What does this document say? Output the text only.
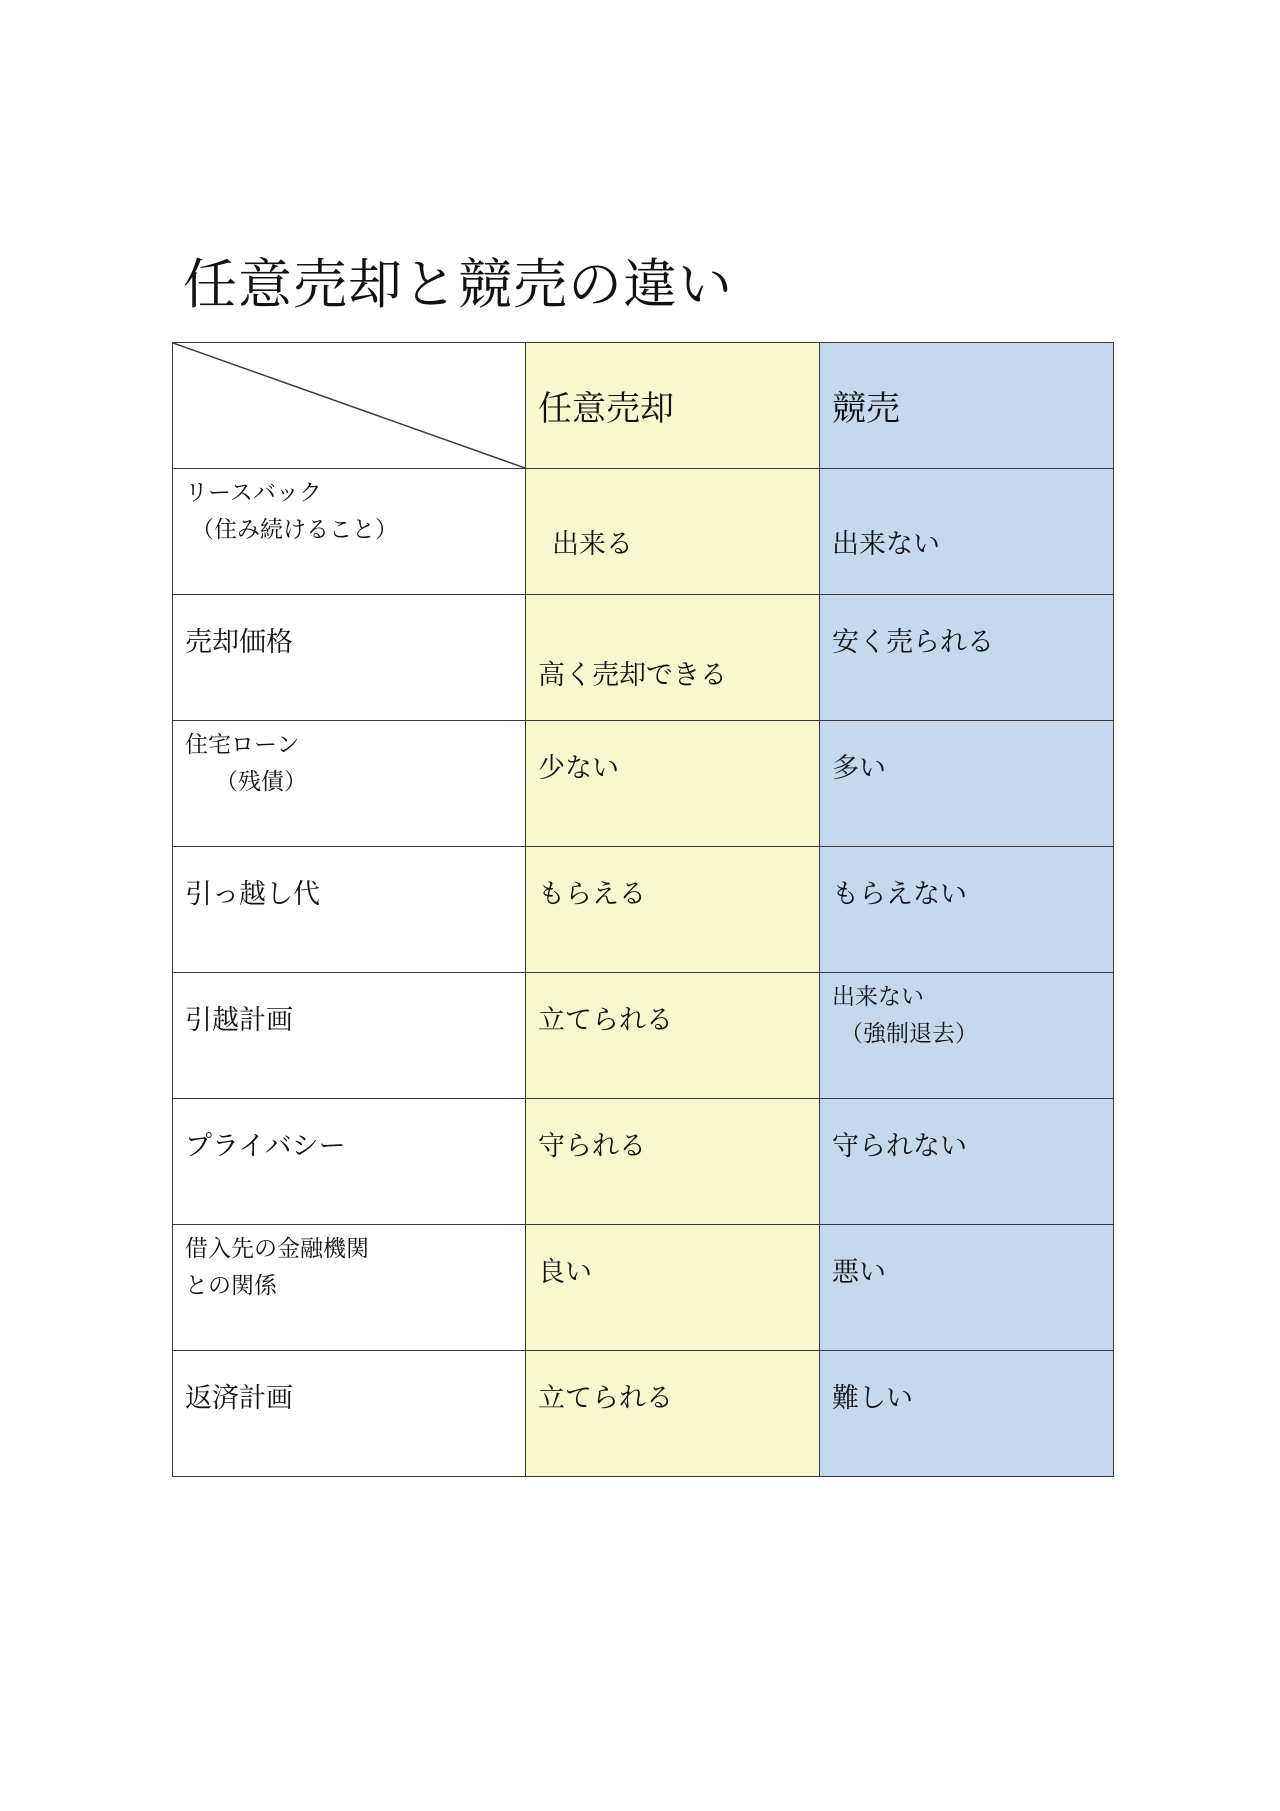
任意売却と競売の違い

任意売却	競売

リースバック
（住み続けること）	出来る	出来ない

売却価格	高く売却できる	安く売られる

住宅ローン
（残債）	少ない	多い

引っ越し代	もらえる	もらえない

引越計画	立てられる	出来ない
（強制退去）

プライバシー	守られる	守られない

借入先の金融機関
との関係	良い	悪い

返済計画	立てられる	難しい
